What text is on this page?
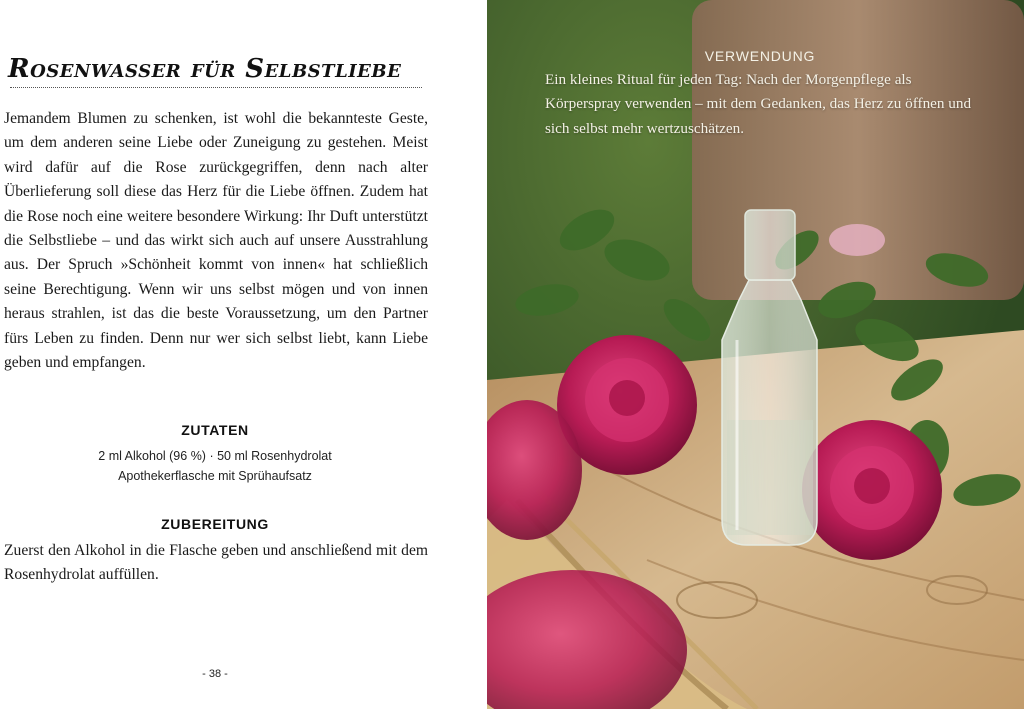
Rosenwasser für Selbstliebe

Jemandem Blumen zu schenken, ist wohl die bekannteste Geste, um dem anderen seine Liebe oder Zuneigung zu gestehen. Meist wird dafür auf die Rose zurückgegriffen, denn nach alter Überlieferung soll diese das Herz für die Liebe öffnen. Zudem hat die Rose noch eine weitere besondere Wirkung: Ihr Duft unterstützt die Selbstliebe – und das wirkt sich auch auf unsere Ausstrahlung aus. Der Spruch »Schönheit kommt von innen« hat schließlich seine Berechtigung. Wenn wir uns selbst mögen und von innen heraus strahlen, ist das die beste Voraussetzung, um den Partner fürs Leben zu finden. Denn nur wer sich selbst liebt, kann Liebe geben und empfangen.

ZUTATEN
2 ml Alkohol (96 %) · 50 ml Rosenhydrolat
Apothekerflasche mit Sprühaufsatz
ZUBEREITUNG

Zuerst den Alkohol in die Flasche geben und anschließend mit dem Rosenhydrolat auffüllen.

- 38 -
VERWENDUNG

Ein kleines Ritual für jeden Tag: Nach der Morgenpflege als Körperspray verwenden – mit dem Gedanken, das Herz zu öffnen und sich selbst mehr wertzuschätzen.
